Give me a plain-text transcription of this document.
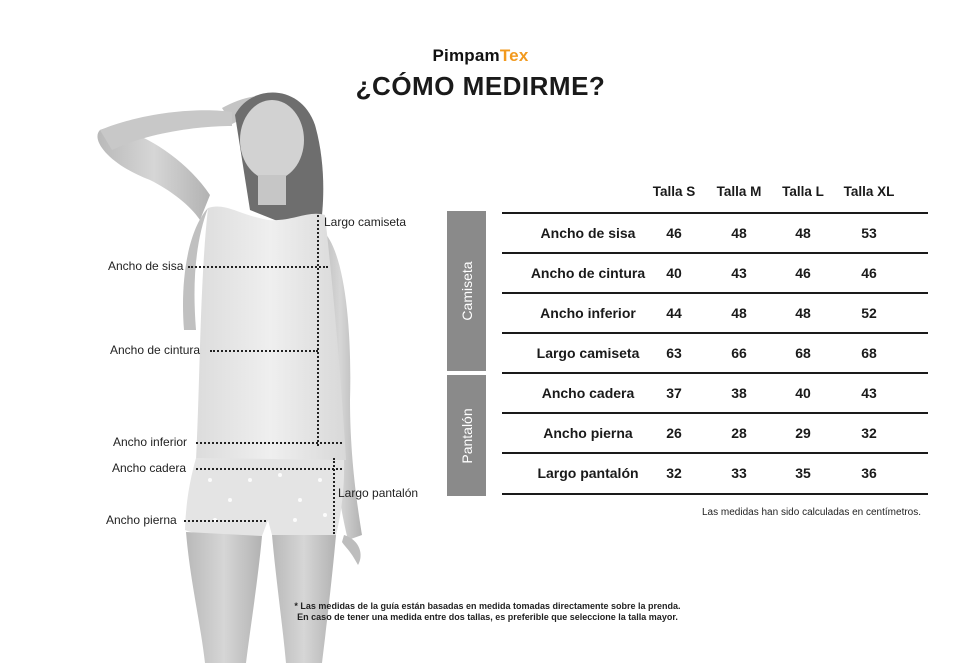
PimpamTex
¿CÓMO MEDIRME?
Largo camiseta
Ancho de sisa
Ancho de cintura
Ancho inferior
Ancho cadera
Largo pantalón
Ancho pierna
Talla S	Talla M	Talla L	Talla XL
Camiseta
Pantalón
Ancho de sisa	46	48	48	53
Ancho de cintura	40	43	46	46
Ancho inferior	44	48	48	52
Largo camiseta	63	66	68	68
Ancho cadera	37	38	40	43
Ancho pierna	26	28	29	32
Largo pantalón	32	33	35	36
Las medidas han sido calculadas en centímetros.
* Las medidas de la guía están basadas en medida tomadas directamente sobre la prenda.
En caso de tener una medida entre dos tallas, es preferible que seleccione la talla mayor.
